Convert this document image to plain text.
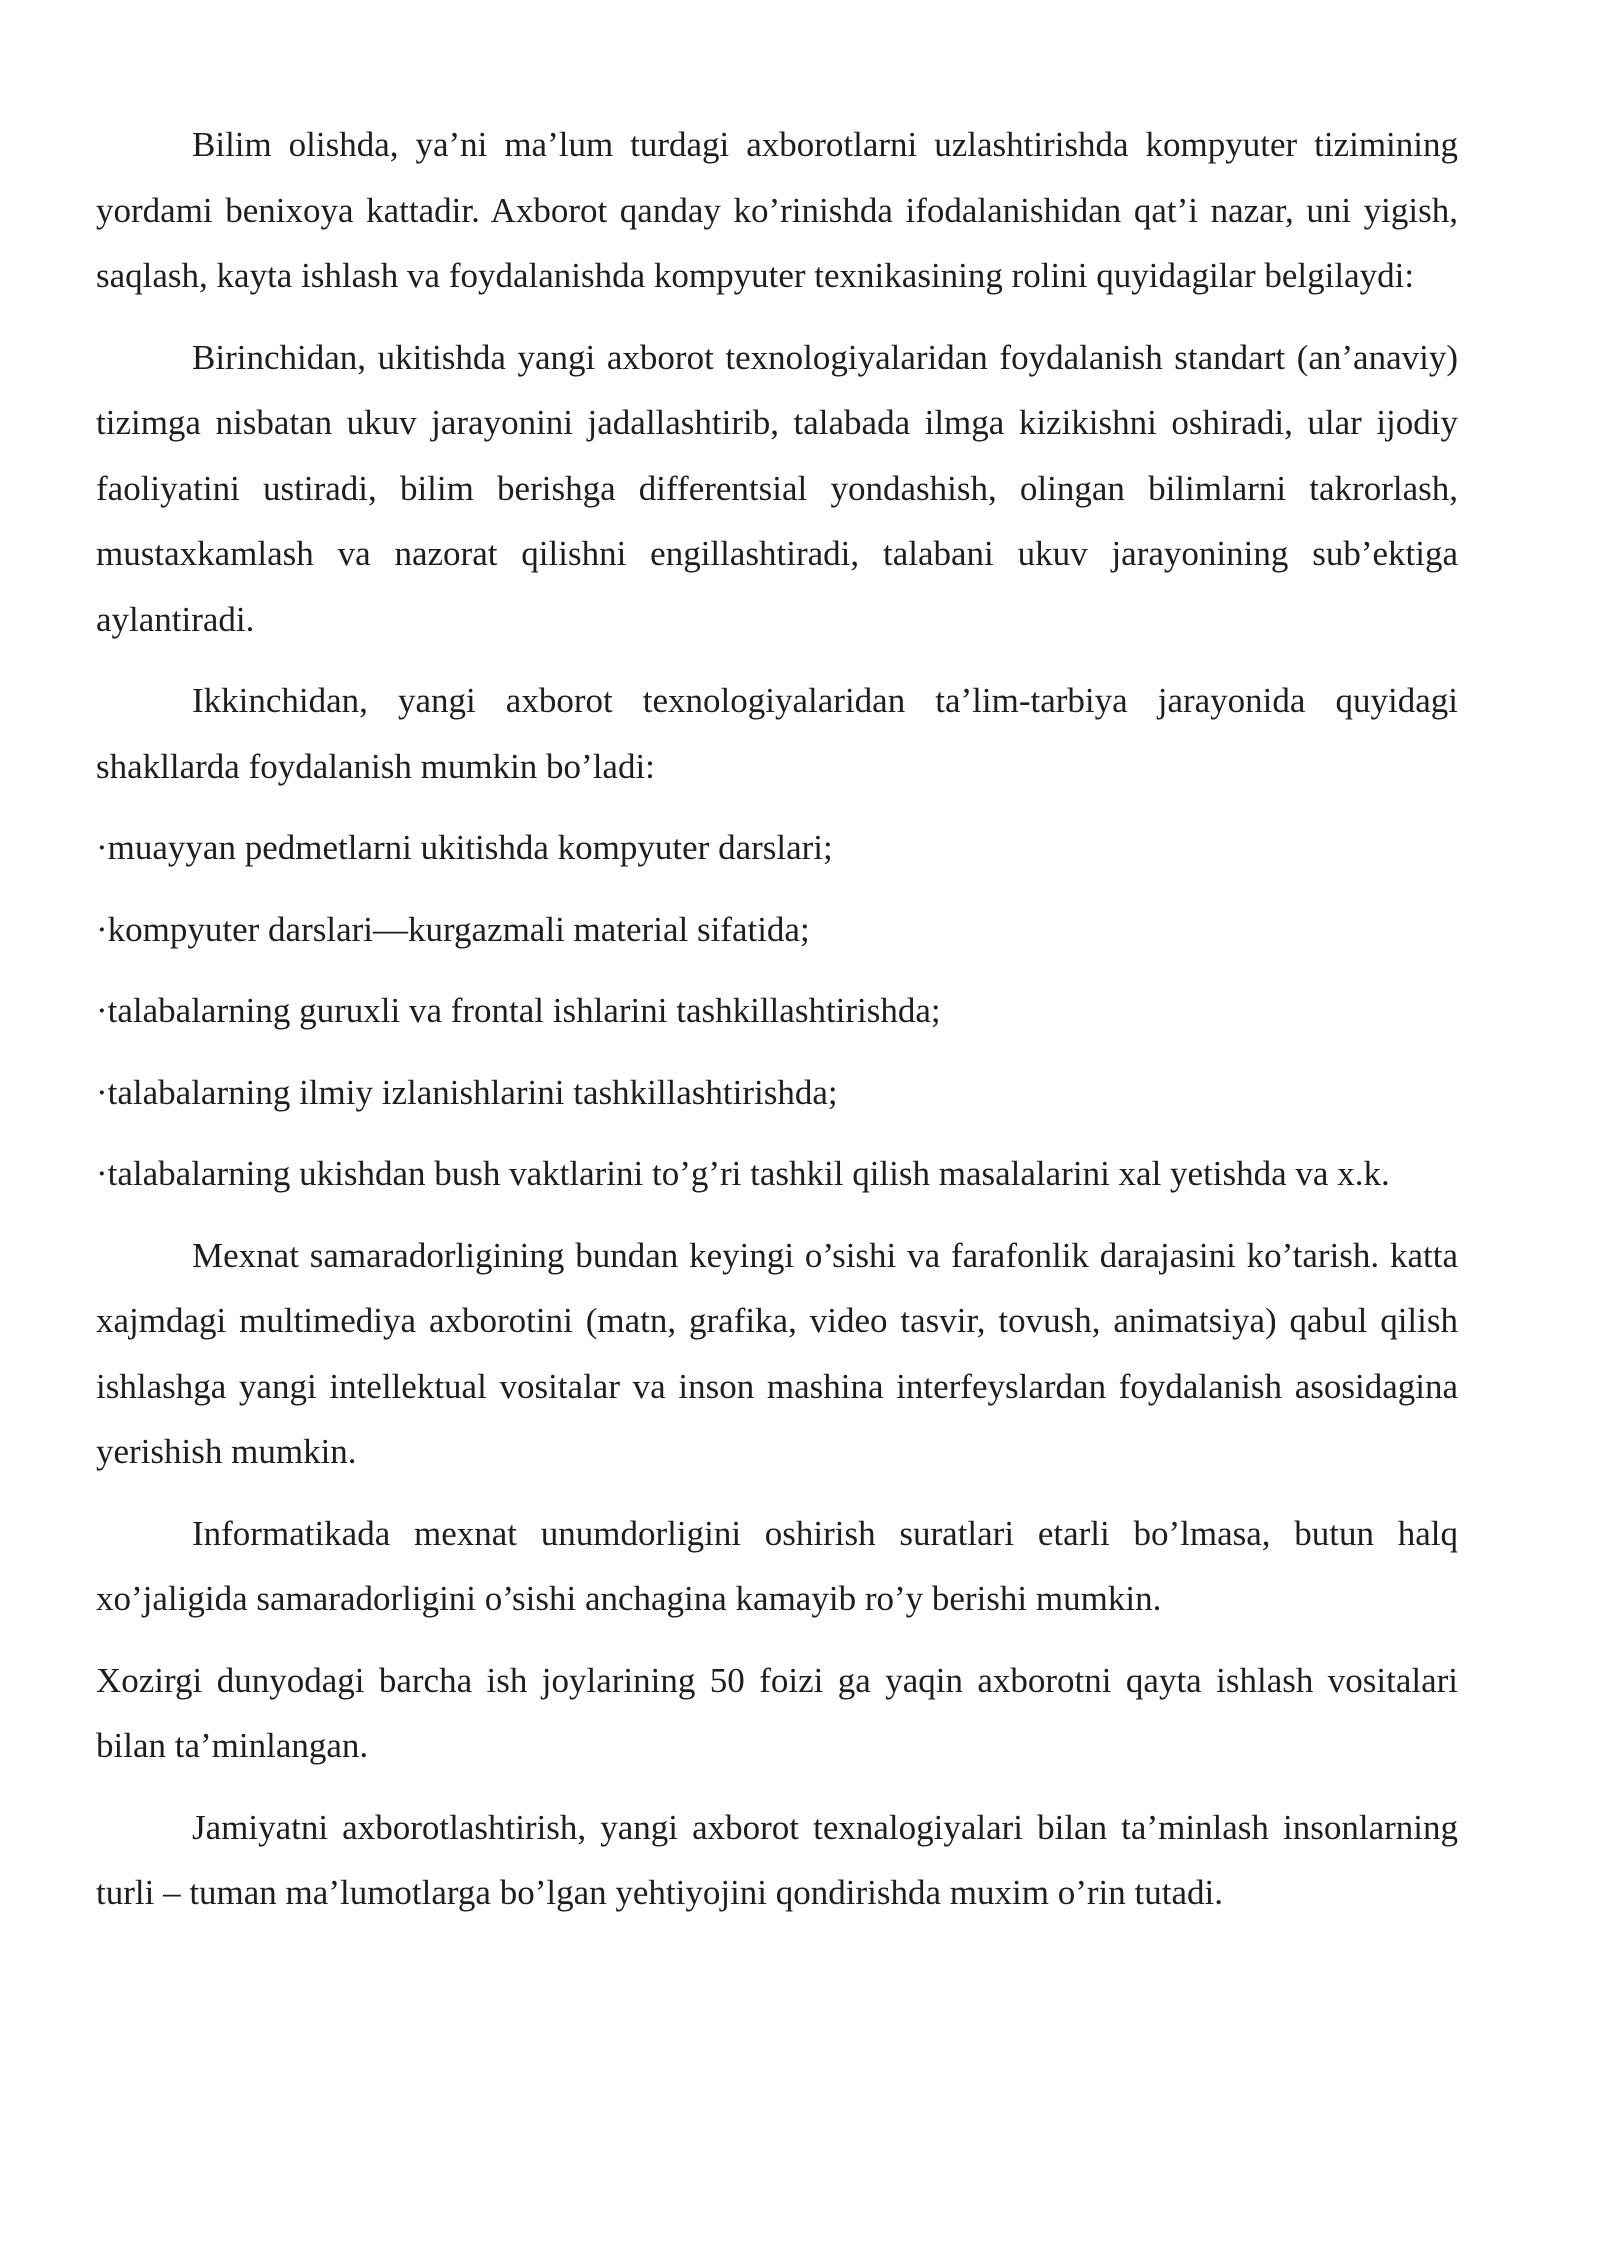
Bilim olishda, ya’ni ma’lum turdagi axborotlarni uzlashtirishda kompyuter tizimining yordami benixoya kattadir. Axborot qanday ko’rinishda ifodalanishidan qat’i nazar, uni yigish, saqlash, kayta ishlash va foydalanishda kompyuter texnikasining rolini quyidagilar belgilaydi:

Birinchidan, ukitishda yangi axborot texnologiyalaridan foydalanish standart (an’anaviy) tizimga nisbatan ukuv jarayonini jadallashtirib, talabada ilmga kizikishni oshiradi, ular ijodiy faoliyatini ustiradi, bilim berishga differentsial yondashish, olingan bilimlarni takrorlash, mustaxkamlash va nazorat qilishni engillashtiradi, talabani ukuv jarayonining sub’ektiga aylantiradi.

Ikkinchidan, yangi axborot texnologiyalaridan ta’lim-tarbiya jarayonida quyidagi shakllarda foydalanish mumkin bo’ladi:

·muayyan pedmetlarni ukitishda kompyuter darslari;

·kompyuter darslari—kurgazmali material sifatida;

·talabalarning guruxli va frontal ishlarini tashkillashtirishda;

·talabalarning ilmiy izlanishlarini tashkillashtirishda;

·talabalarning ukishdan bush vaktlarini to’g’ri tashkil qilish masalalarini xal yetishda va x.k.

Mexnat samaradorligining bundan keyingi o’sishi va farafonlik darajasini ko’tarish. katta xajmdagi multimediya axborotini (matn, grafika, video tasvir, tovush, animatsiya) qabul qilish ishlashga yangi intellektual vositalar va inson mashina interfeyslardan foydalanish asosidagina yerishish mumkin.

Informatikada mexnat unumdorligini oshirish suratlari etarli bo’lmasa, butun halq xo’jaligida samaradorligini o’sishi anchagina kamayib ro’y berishi mumkin.

Xozirgi dunyodagi barcha ish joylarining 50 foizi ga yaqin axborotni qayta ishlash vositalari bilan ta’minlangan.

Jamiyatni axborotlashtirish, yangi axborot texnalogiyalari bilan ta’minlash insonlarning turli – tuman ma’lumotlarga bo’lgan yehtiyojini qondirishda muxim o’rin tutadi.
